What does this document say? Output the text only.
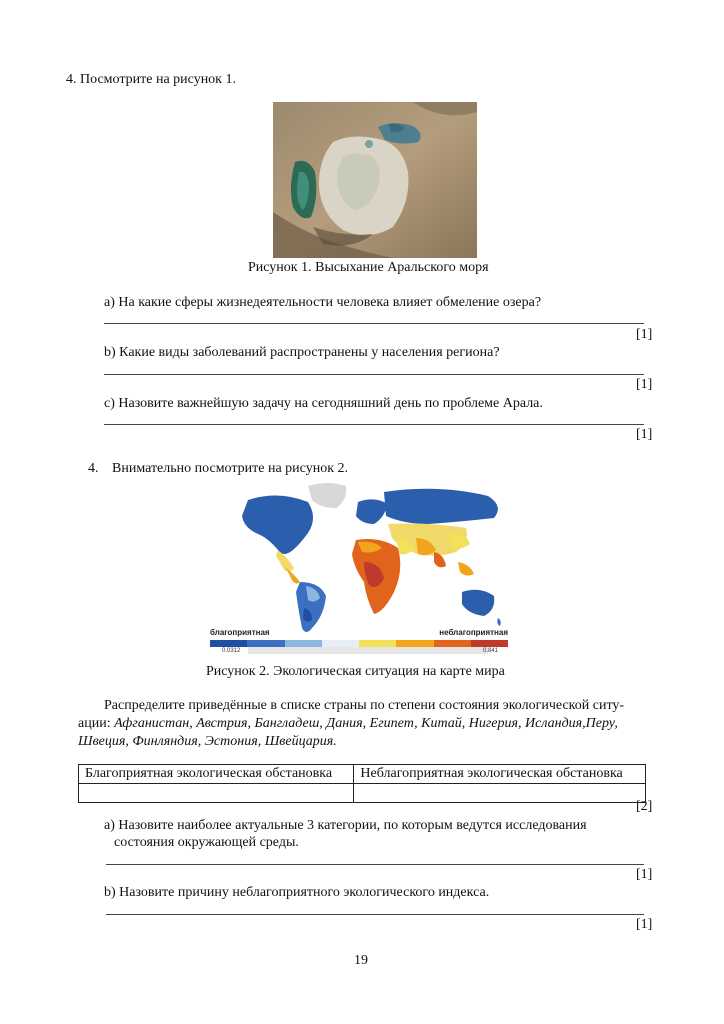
4. Посмотрите на рисунок 1.
Рисунок 1. Высыхание Аральского моря
a) На какие сферы жизнедеятельности человека влияет обмеление озера?
[1]
b) Какие виды заболеваний распространены у населения региона?
[1]
c) Назовите важнейшую задачу на сегодняшний день по проблеме Арала.
[1]
4. Внимательно посмотрите на рисунок 2.
благоприятная	неблагоприятная
0.0312	0.841
Рисунок 2. Экологическая ситуация на карте мира
Распределите приведённые в списке страны по степени состояния экологической ситу-
ации: Афганистан, Австрия, Бангладеш, Дания, Египет, Китай, Нигерия, Исландия,Перу,
Швеция, Финляндия, Эстония, Швейцария.
Благоприятная экологическая обстановка	Неблагоприятная экологическая обстановка

[2]
а) Назовите наиболее актуальные 3 категории, по которым ведутся исследования
состояния окружающей среды.
[1]
b) Назовите причину неблагоприятного экологического индекса.
[1]
19
